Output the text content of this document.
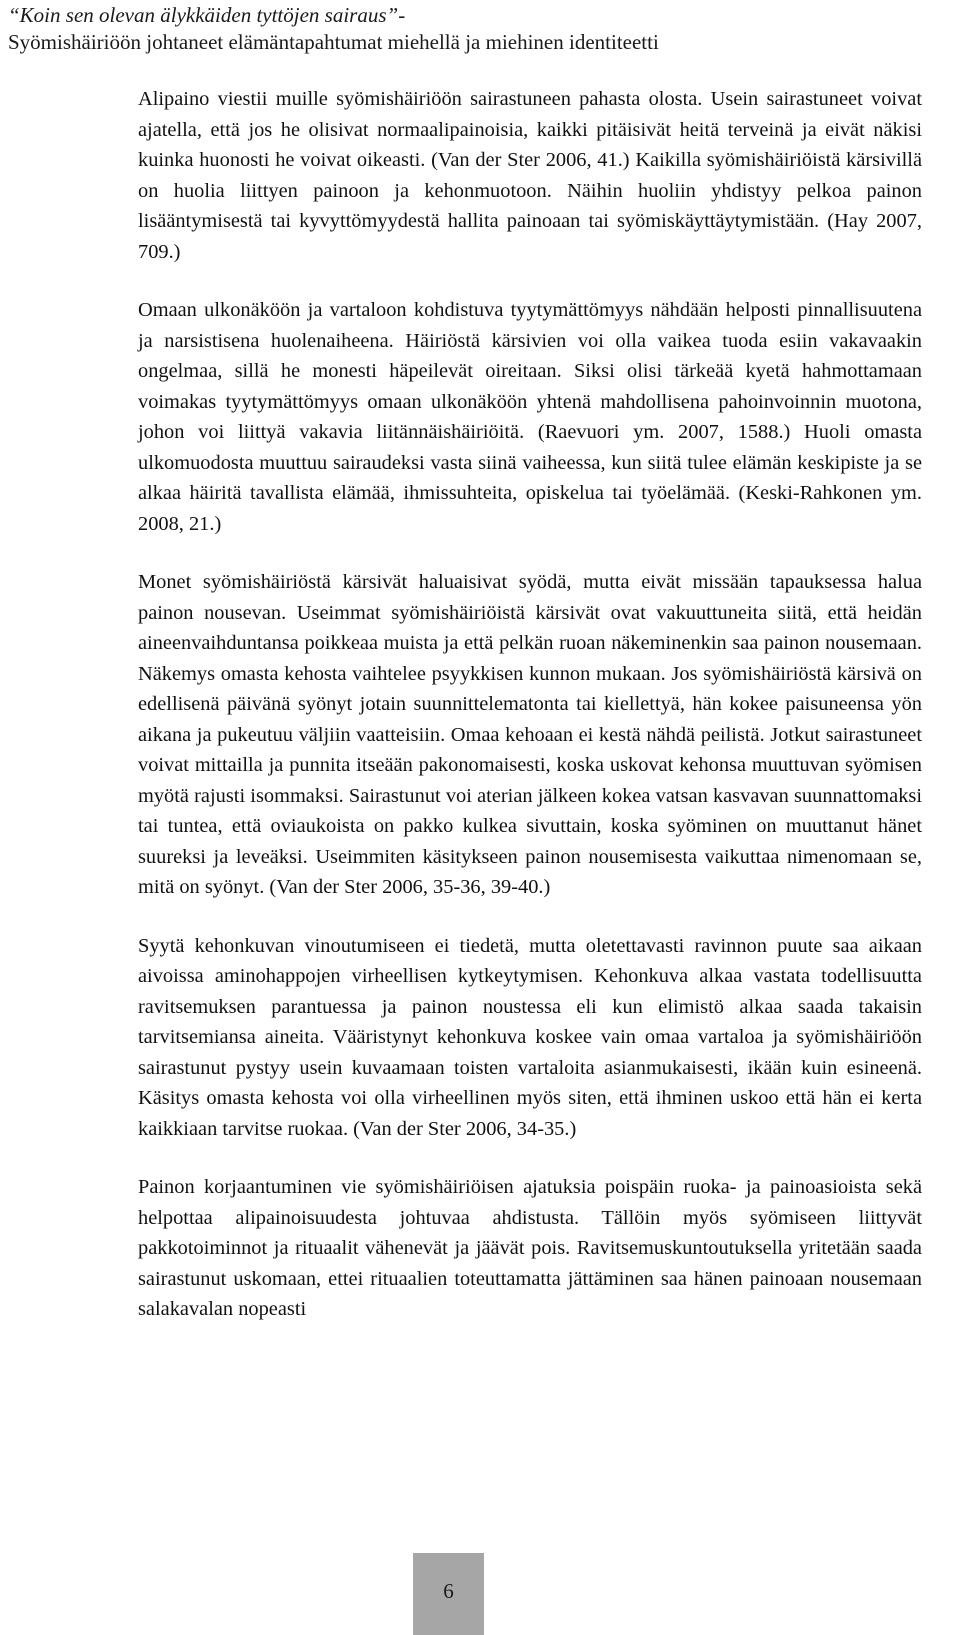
“Koin sen olevan älykkäiden tyttöjen sairaus”-
Syömishäiriöön johtaneet elämäntapahtumat miehellä ja miehinen identiteetti

Alipaino viestii muille syömishäiriöön sairastuneen pahasta olosta. Usein sairastuneet voivat ajatella, että jos he olisivat normaalipainoisia, kaikki pitäisivät heitä terveinä ja eivät näkisi kuinka huonosti he voivat oikeasti. (Van der Ster 2006, 41.) Kaikilla syömishäiriöistä kärsivillä on huolia liittyen painoon ja kehonmuotoon. Näihin huoliin yhdistyy pelkoa painon lisääntymisestä tai kyvyttömyydestä hallita painoaan tai syömiskäyttäytymistään. (Hay 2007, 709.)

Omaan ulkonäköön ja vartaloon kohdistuva tyytymättömyys nähdään helposti pinnallisuutena ja narsistisena huolenaiheena. Häiriöstä kärsivien voi olla vaikea tuoda esiin vakavaakin ongelmaa, sillä he monesti häpeilevät oireitaan. Siksi olisi tärkeää kyetä hahmottamaan voimakas tyytymättömyys omaan ulkonäköön yhtenä mahdollisena pahoinvoinnin muotona, johon voi liittyä vakavia liitännäishäiriöitä. (Raevuori ym. 2007, 1588.) Huoli omasta ulkomuodosta muuttuu sairaudeksi vasta siinä vaiheessa, kun siitä tulee elämän keskipiste ja se alkaa häiritä tavallista elämää, ihmissuhteita, opiskelua tai työelämää. (Keski-Rahkonen ym. 2008, 21.)

Monet syömishäiriöstä kärsivät haluaisivat syödä, mutta eivät missään tapauksessa halua painon nousevan. Useimmat syömishäiriöistä kärsivät ovat vakuuttuneita siitä, että heidän aineenvaihduntansa poikkeaa muista ja että pelkän ruoan näkeminenkin saa painon nousemaan. Näkemys omasta kehosta vaihtelee psyykkisen kunnon mukaan. Jos syömishäiriöstä kärsivä on edellisenä päivänä syönyt jotain suunnittelematonta tai kiellettyä, hän kokee paisuneensa yön aikana ja pukeutuu väljiin vaatteisiin. Omaa kehoaan ei kestä nähdä peilistä. Jotkut sairastuneet voivat mittailla ja punnita itseään pakonomaisesti, koska uskovat kehonsa muuttuvan syömisen myötä rajusti isommaksi. Sairastunut voi aterian jälkeen kokea vatsan kasvavan suunnattomaksi tai tuntea, että oviaukoista on pakko kulkea sivuttain, koska syöminen on muuttanut hänet suureksi ja leveäksi. Useimmiten käsitykseen painon nousemisesta vaikuttaa nimenomaan se, mitä on syönyt. (Van der Ster 2006, 35-36, 39-40.)

Syytä kehonkuvan vinoutumiseen ei tiedetä, mutta oletettavasti ravinnon puute saa aikaan aivoissa aminohappojen virheellisen kytkeytymisen. Kehonkuva alkaa vastata todellisuutta ravitsemuksen parantuessa ja painon noustessa eli kun elimistö alkaa saada takaisin tarvitsemiansa aineita. Vääristynyt kehonkuva koskee vain omaa vartaloa ja syömishäiriöön sairastunut pystyy usein kuvaamaan toisten vartaloita asianmukaisesti, ikään kuin esineenä. Käsitys omasta kehosta voi olla virheellinen myös siten, että ihminen uskoo että hän ei kerta kaikkiaan tarvitse ruokaa. (Van der Ster 2006, 34-35.)

Painon korjaantuminen vie syömishäiriöisen ajatuksia poispäin ruoka- ja painoasioista sekä helpottaa alipainoisuudesta johtuvaa ahdistusta. Tällöin myös syömiseen liittyvät pakkotoiminnot ja rituaalit vähenevät ja jäävät pois. Ravitsemuskuntoutuksella yritetään saada sairastunut uskomaan, ettei rituaalien toteuttamatta jättäminen saa hänen painoaan nousemaan salakavalan nopeasti

6
